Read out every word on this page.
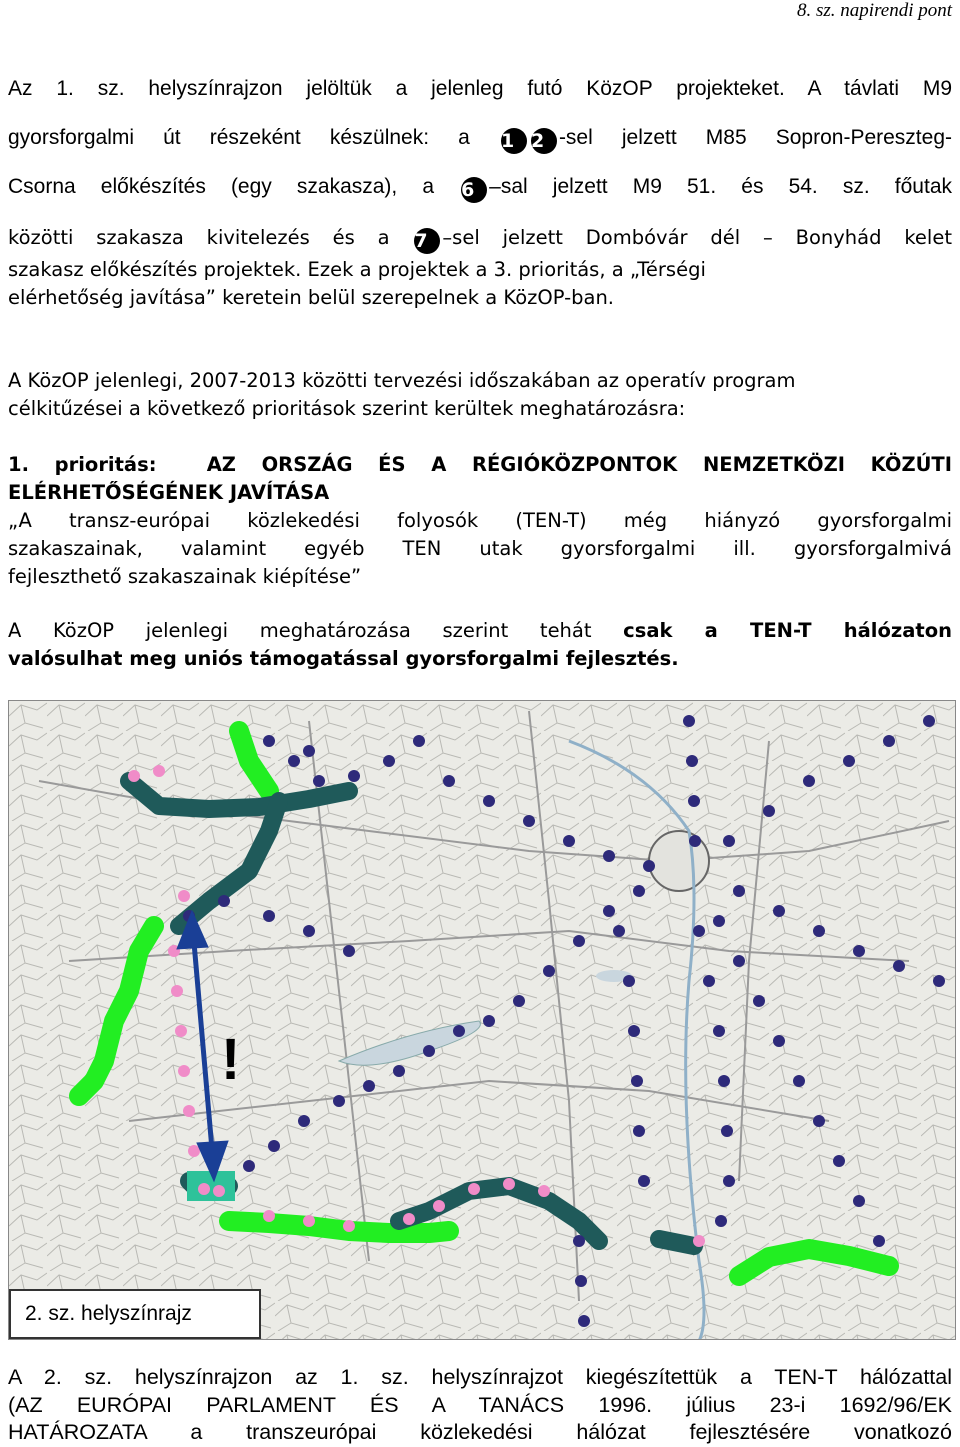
8. sz. napirendi pont
Az 1. sz. helyszínrajzon jelöltük a jelenleg futó KözOP projekteket. A távlati M9
gyorsforgalmi út részeként készülnek: a 1 2 -sel jelzett M85 Sopron-Pereszteg-
Csorna előkészítés (egy szakasza), a 6 –sal jelzett M9 51. és 54. sz. főutak
közötti szakasza kivitelezés és a 7 –sel jelzett Dombóvár dél – Bonyhád kelet
szakasz előkészítés projektek. Ezek a projektek a 3. prioritás, a „Térségi
elérhetőség javítása” keretein belül szerepelnek a KözOP-ban.
A KözOP jelenlegi, 2007-2013 közötti tervezési időszakában az operatív program
célkitűzései a következő prioritások szerint kerültek meghatározásra:
1. prioritás:	AZ ORSZÁG ÉS A RÉGIÓKÖZPONTOK NEMZETKÖZI KÖZÚTI
ELÉRHETŐSÉGÉNEK JAVÍTÁSA
„A transz-európai közlekedési folyosók (TEN-T) még hiányzó gyorsforgalmi
szakaszainak, valamint egyéb TEN utak gyorsforgalmi ill. gyorsforgalmivá
fejleszthető szakaszainak kiépítése”
A KözOP jelenlegi meghatározása szerint tehát csak a TEN-T hálózaton
valósulhat meg uniós támogatással gyorsforgalmi fejlesztés.
!
2. sz. helyszínrajz
A 2. sz. helyszínrajzon az 1. sz. helyszínrajzot kiegészítettük a TEN-T hálózattal
(AZ EURÓPAI PARLAMENT ÉS A TANÁCS 1996. július 23-i 1692/96/EK
HATÁROZATA a transzeurópai közlekedési hálózat fejlesztésére vonatkozó
